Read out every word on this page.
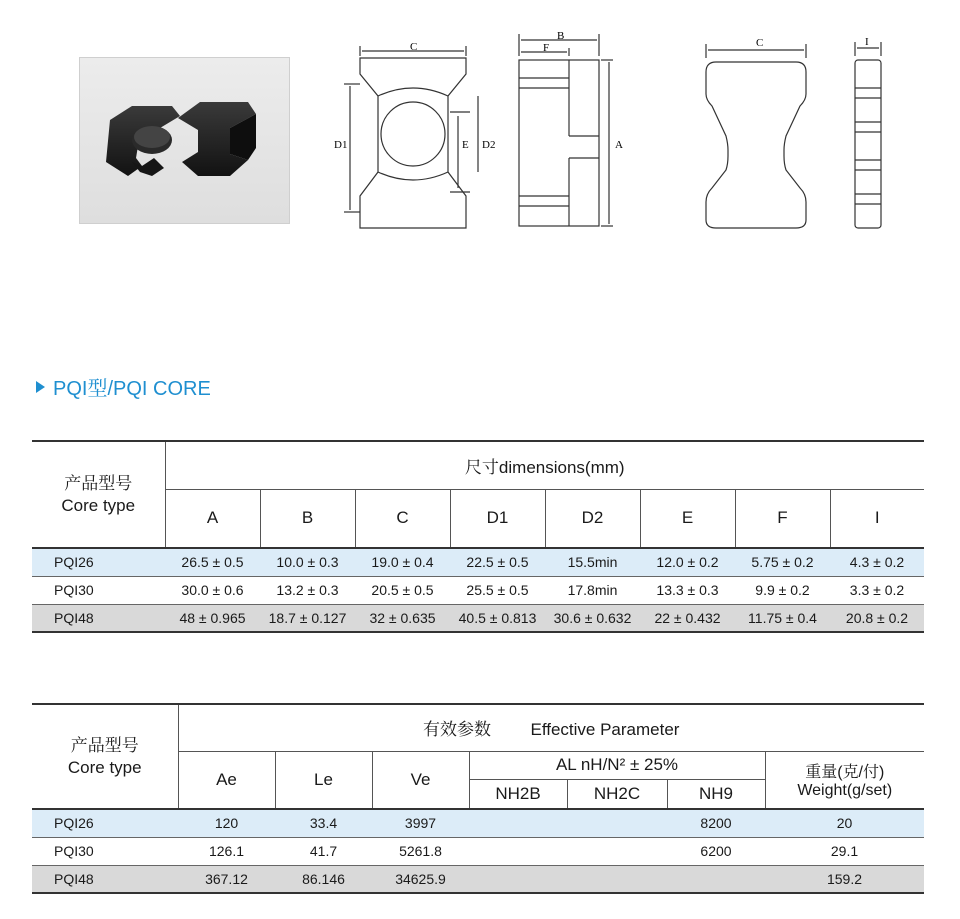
C
D1	D2
E
B
F
A
C	I
PQI型/PQI CORE
产品型号
Core type	尺寸dimensions(mm)							
	A	B	C	D1	D2	E	F	I
PQI26	26.5 ± 0.5	10.0 ± 0.3	19.0 ± 0.4	22.5 ± 0.5	15.5min	12.0 ± 0.2	5.75 ± 0.2	4.3 ± 0.2
PQI30	30.0 ± 0.6	13.2 ± 0.3	20.5 ± 0.5	25.5 ± 0.5	17.8min	13.3 ± 0.3	9.9 ± 0.2	3.3 ± 0.2
PQI48	48 ± 0.965	18.7 ± 0.127	32 ± 0.635	40.5 ± 0.813	30.6 ± 0.632	22 ± 0.432	11.75 ± 0.4	20.8 ± 0.2
产品型号
Core type	有效参数 Effective Parameter						
	Ae	Le	Ve	AL nH/N² ± 25%			重量(克/付)
Weight(g/set)

				NH2B	NH2C	NH9	
PQI26	120	33.4	3997			8200	20
PQI30	126.1	41.7	5261.8			6200	29.1
PQI48	367.12	86.146	34625.9				159.2
